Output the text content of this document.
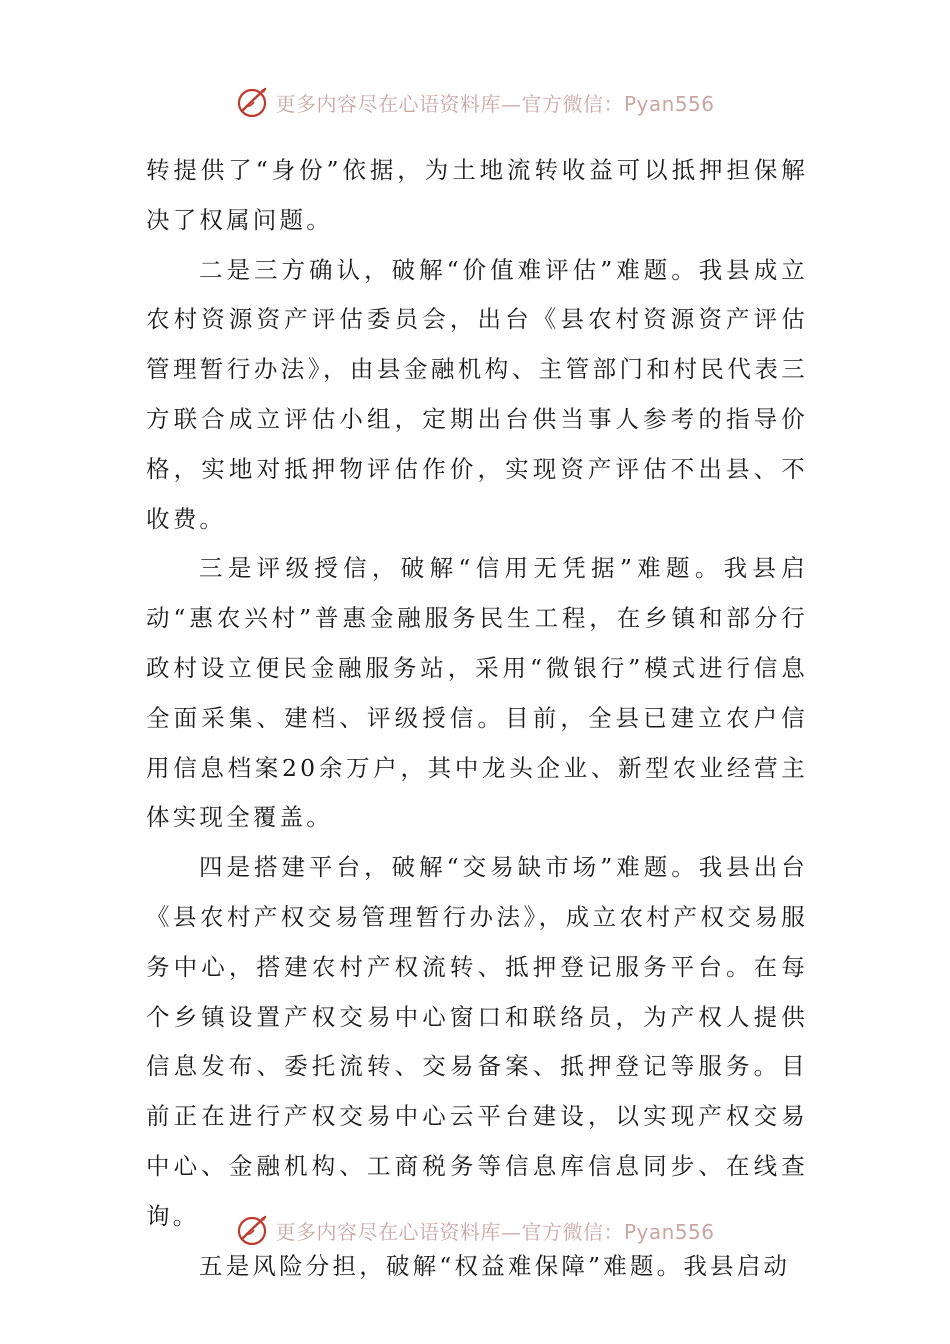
更多内容尽在心语资料库—官方微信：Pyan556

转提供了“身份”依据，为土地流转收益可以抵押担保解决了权属问题。

二是三方确认，破解“价值难评估”难题。我县成立农村资源资产评估委员会，出台《县农村资源资产评估管理暂行办法》，由县金融机构、主管部门和村民代表三方联合成立评估小组，定期出台供当事人参考的指导价格，实地对抵押物评估作价，实现资产评估不出县、不收费。

三是评级授信，破解“信用无凭据”难题。我县启动“惠农兴村”普惠金融服务民生工程，在乡镇和部分行政村设立便民金融服务站，采用“微银行”模式进行信息全面采集、建档、评级授信。目前，全县已建立农户信用信息档案20余万户，其中龙头企业、新型农业经营主体实现全覆盖。

四是搭建平台，破解“交易缺市场”难题。我县出台《县农村产权交易管理暂行办法》，成立农村产权交易服务中心，搭建农村产权流转、抵押登记服务平台。在每个乡镇设置产权交易中心窗口和联络员，为产权人提供信息发布、委托流转、交易备案、抵押登记等服务。目前正在进行产权交易中心云平台建设，以实现产权交易中心、金融机构、工商税务等信息库信息同步、在线查询。

五是风险分担，破解“权益难保障”难题。我县启动

更多内容尽在心语资料库—官方微信：Pyan556
